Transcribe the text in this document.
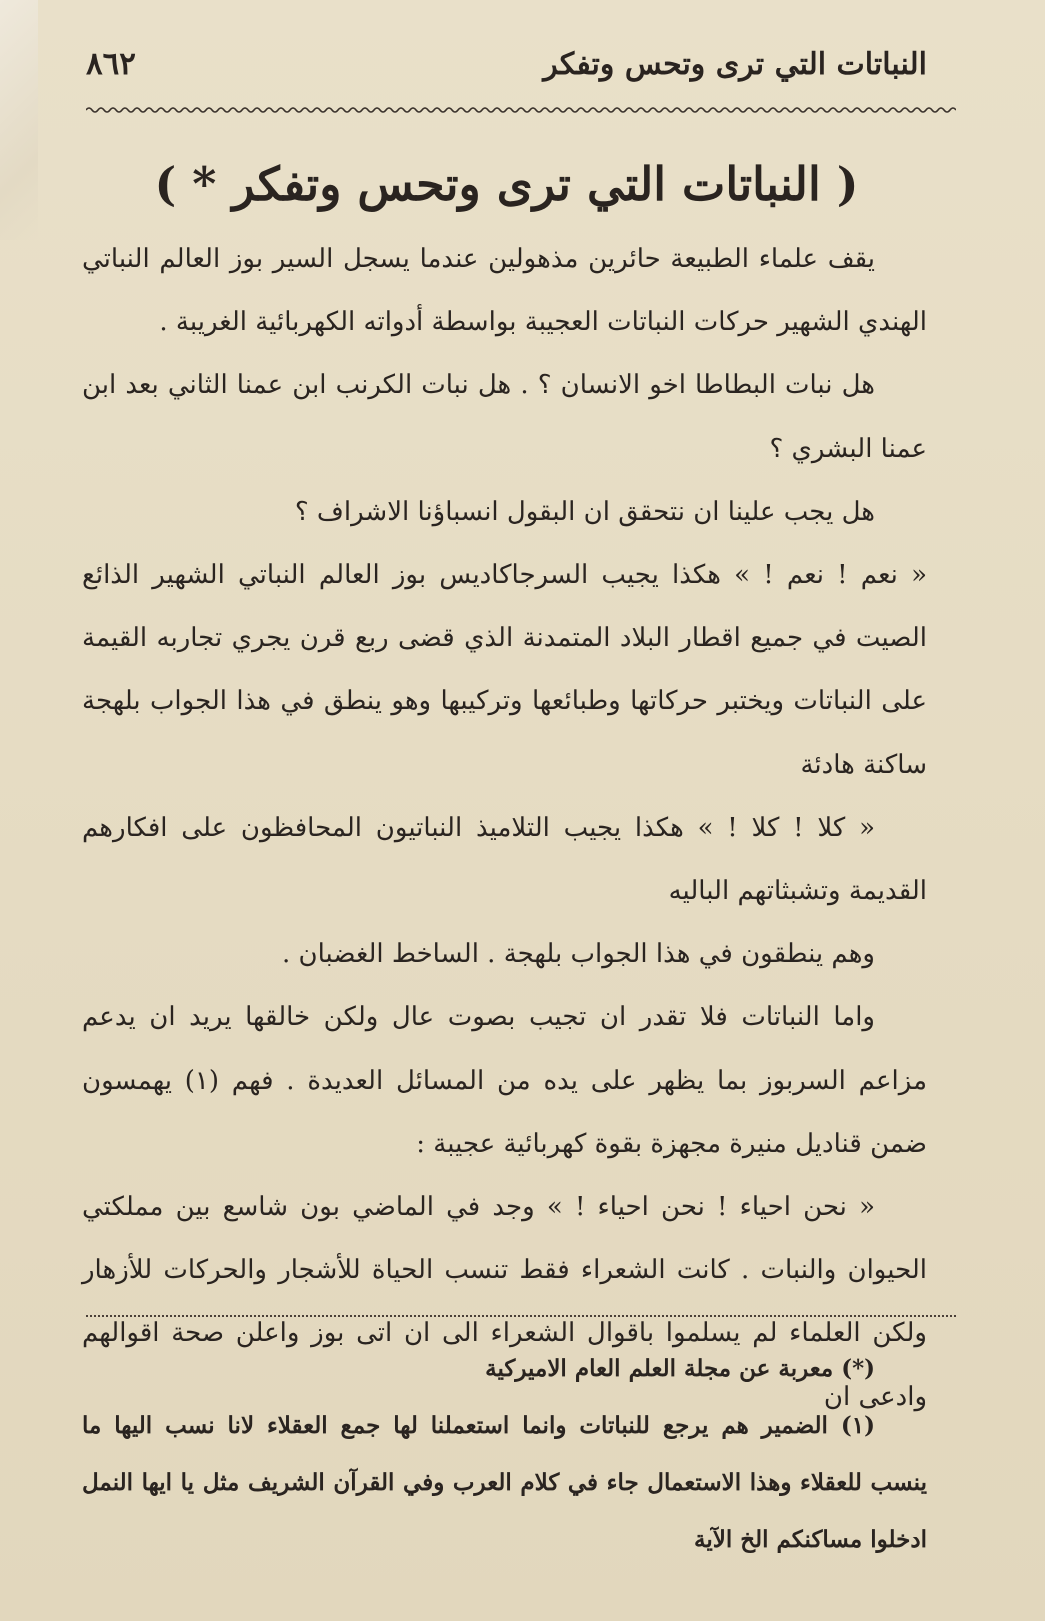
النباتات التي ترى وتحس وتفكر
٨٦٢
( النباتات التي ترى وتحس وتفكر * )

يقف علماء الطبيعة حائرين مذهولين عندما يسجل السير بوز العالم النباتي الهندي الشهير حركات النباتات العجيبة بواسطة أدواته الكهربائية الغريبة .

هل نبات البطاطا اخو الانسان ؟ . هل نبات الكرنب ابن عمنا الثاني بعد ابن عمنا البشري ؟

هل يجب علينا ان نتحقق ان البقول انسباؤنا الاشراف ؟

« نعم ! نعم ! » هكذا يجيب السرجاكاديس بوز العالم النباتي الشهير الذائع الصيت في جميع اقطار البلاد المتمدنة الذي قضى ربع قرن يجري تجاربه القيمة على النباتات ويختبر حركاتها وطبائعها وتركيبها وهو ينطق في هذا الجواب بلهجة ساكنة هادئة

« كلا ! كلا ! » هكذا يجيب التلاميذ النباتيون المحافظون على افكارهم القديمة وتشبثاتهم الباليه

وهم ينطقون في هذا الجواب بلهجة . الساخط الغضبان .

واما النباتات فلا تقدر ان تجيب بصوت عال ولكن خالقها يريد ان يدعم مزاعم السربوز بما يظهر على يده من المسائل العديدة . فهم (١) يهمسون ضمن قناديل منيرة مجهزة بقوة كهربائية عجيبة :

« نحن احياء ! نحن احياء ! » وجد في الماضي بون شاسع بين مملكتي الحيوان والنبات . كانت الشعراء فقط تنسب الحياة للأشجار والحركات للأزهار ولكن العلماء لم يسلموا باقوال الشعراء الى ان اتى بوز واعلن صحة اقوالهم وادعى ان

(*) معربة عن مجلة العلم العام الاميركية

(١) الضمير هم يرجع للنباتات وانما استعملنا لها جمع العقلاء لانا نسب اليها ما ينسب للعقلاء وهذا الاستعمال جاء في كلام العرب وفي القرآن الشريف مثل يا ايها النمل ادخلوا مساكنكم الخ الآية
